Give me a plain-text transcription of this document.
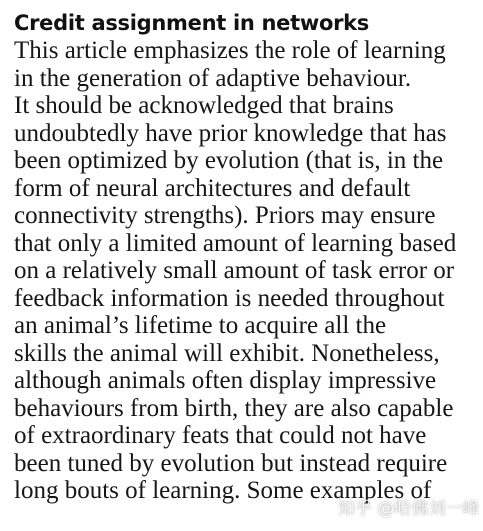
Credit assignment in networks

This article emphasizes the role of learning
in the generation of adaptive behaviour.
It should be acknowledged that brains
undoubtedly have prior knowledge that has
been optimized by evolution (that is, in the
form of neural architectures and default
connectivity strengths). Priors may ensure
that only a limited amount of learning based
on a relatively small amount of task error or
feedback information is needed throughout
an animal’s lifetime to acquire all the
skills the animal will exhibit. Nonetheless,
although animals often display impressive
behaviours from birth, they are also capable
of extraordinary feats that could not have
been tuned by evolution but instead require
long bouts of learning. Some examples of

知乎 @哈佛刘一峰
